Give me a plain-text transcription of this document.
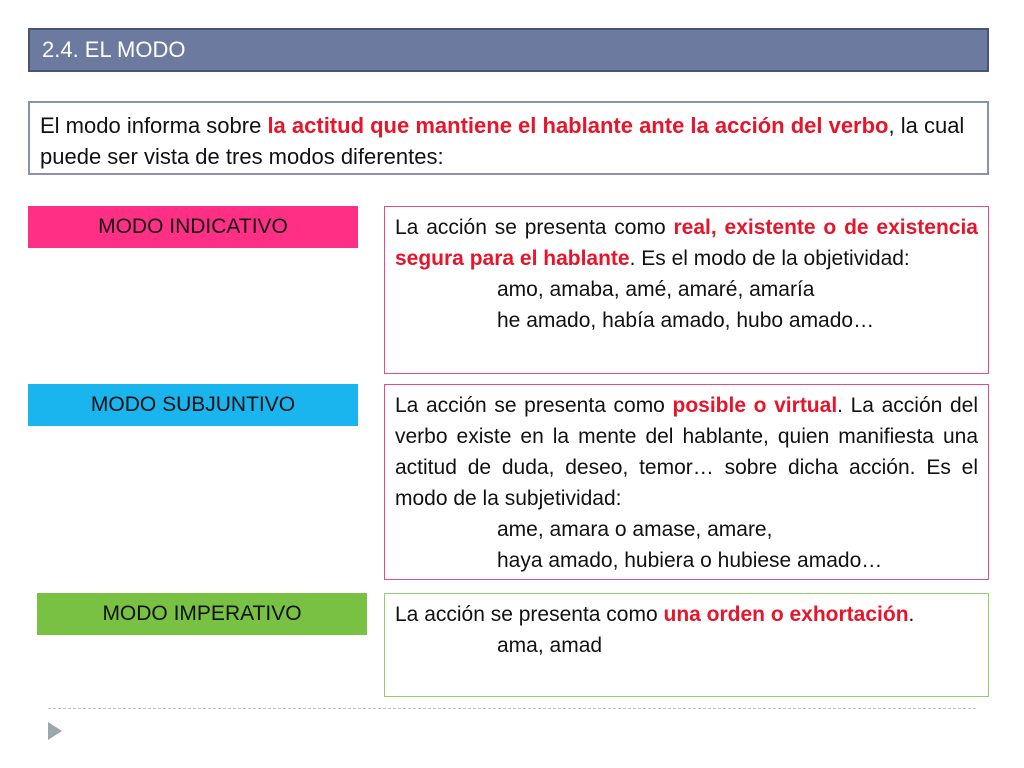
2.4. EL MODO
El modo informa sobre la actitud que mantiene el hablante ante la acción del verbo, la cual puede ser vista de tres modos diferentes:
MODO INDICATIVO	La acción se presenta como real, existente o de existencia segura para el hablante. Es el modo de la objetividad:
amo, amaba, amé, amaré, amaría
he amado, había amado, hubo amado…
MODO SUBJUNTIVO	La acción se presenta como posible o virtual. La acción del verbo existe en la mente del hablante, quien manifiesta una actitud de duda, deseo, temor… sobre dicha acción. Es el modo de la subjetividad:
ame, amara o amase, amare,
haya amado, hubiera o hubiese amado…
MODO IMPERATIVO	La acción se presenta como una orden o exhortación.
ama, amad
